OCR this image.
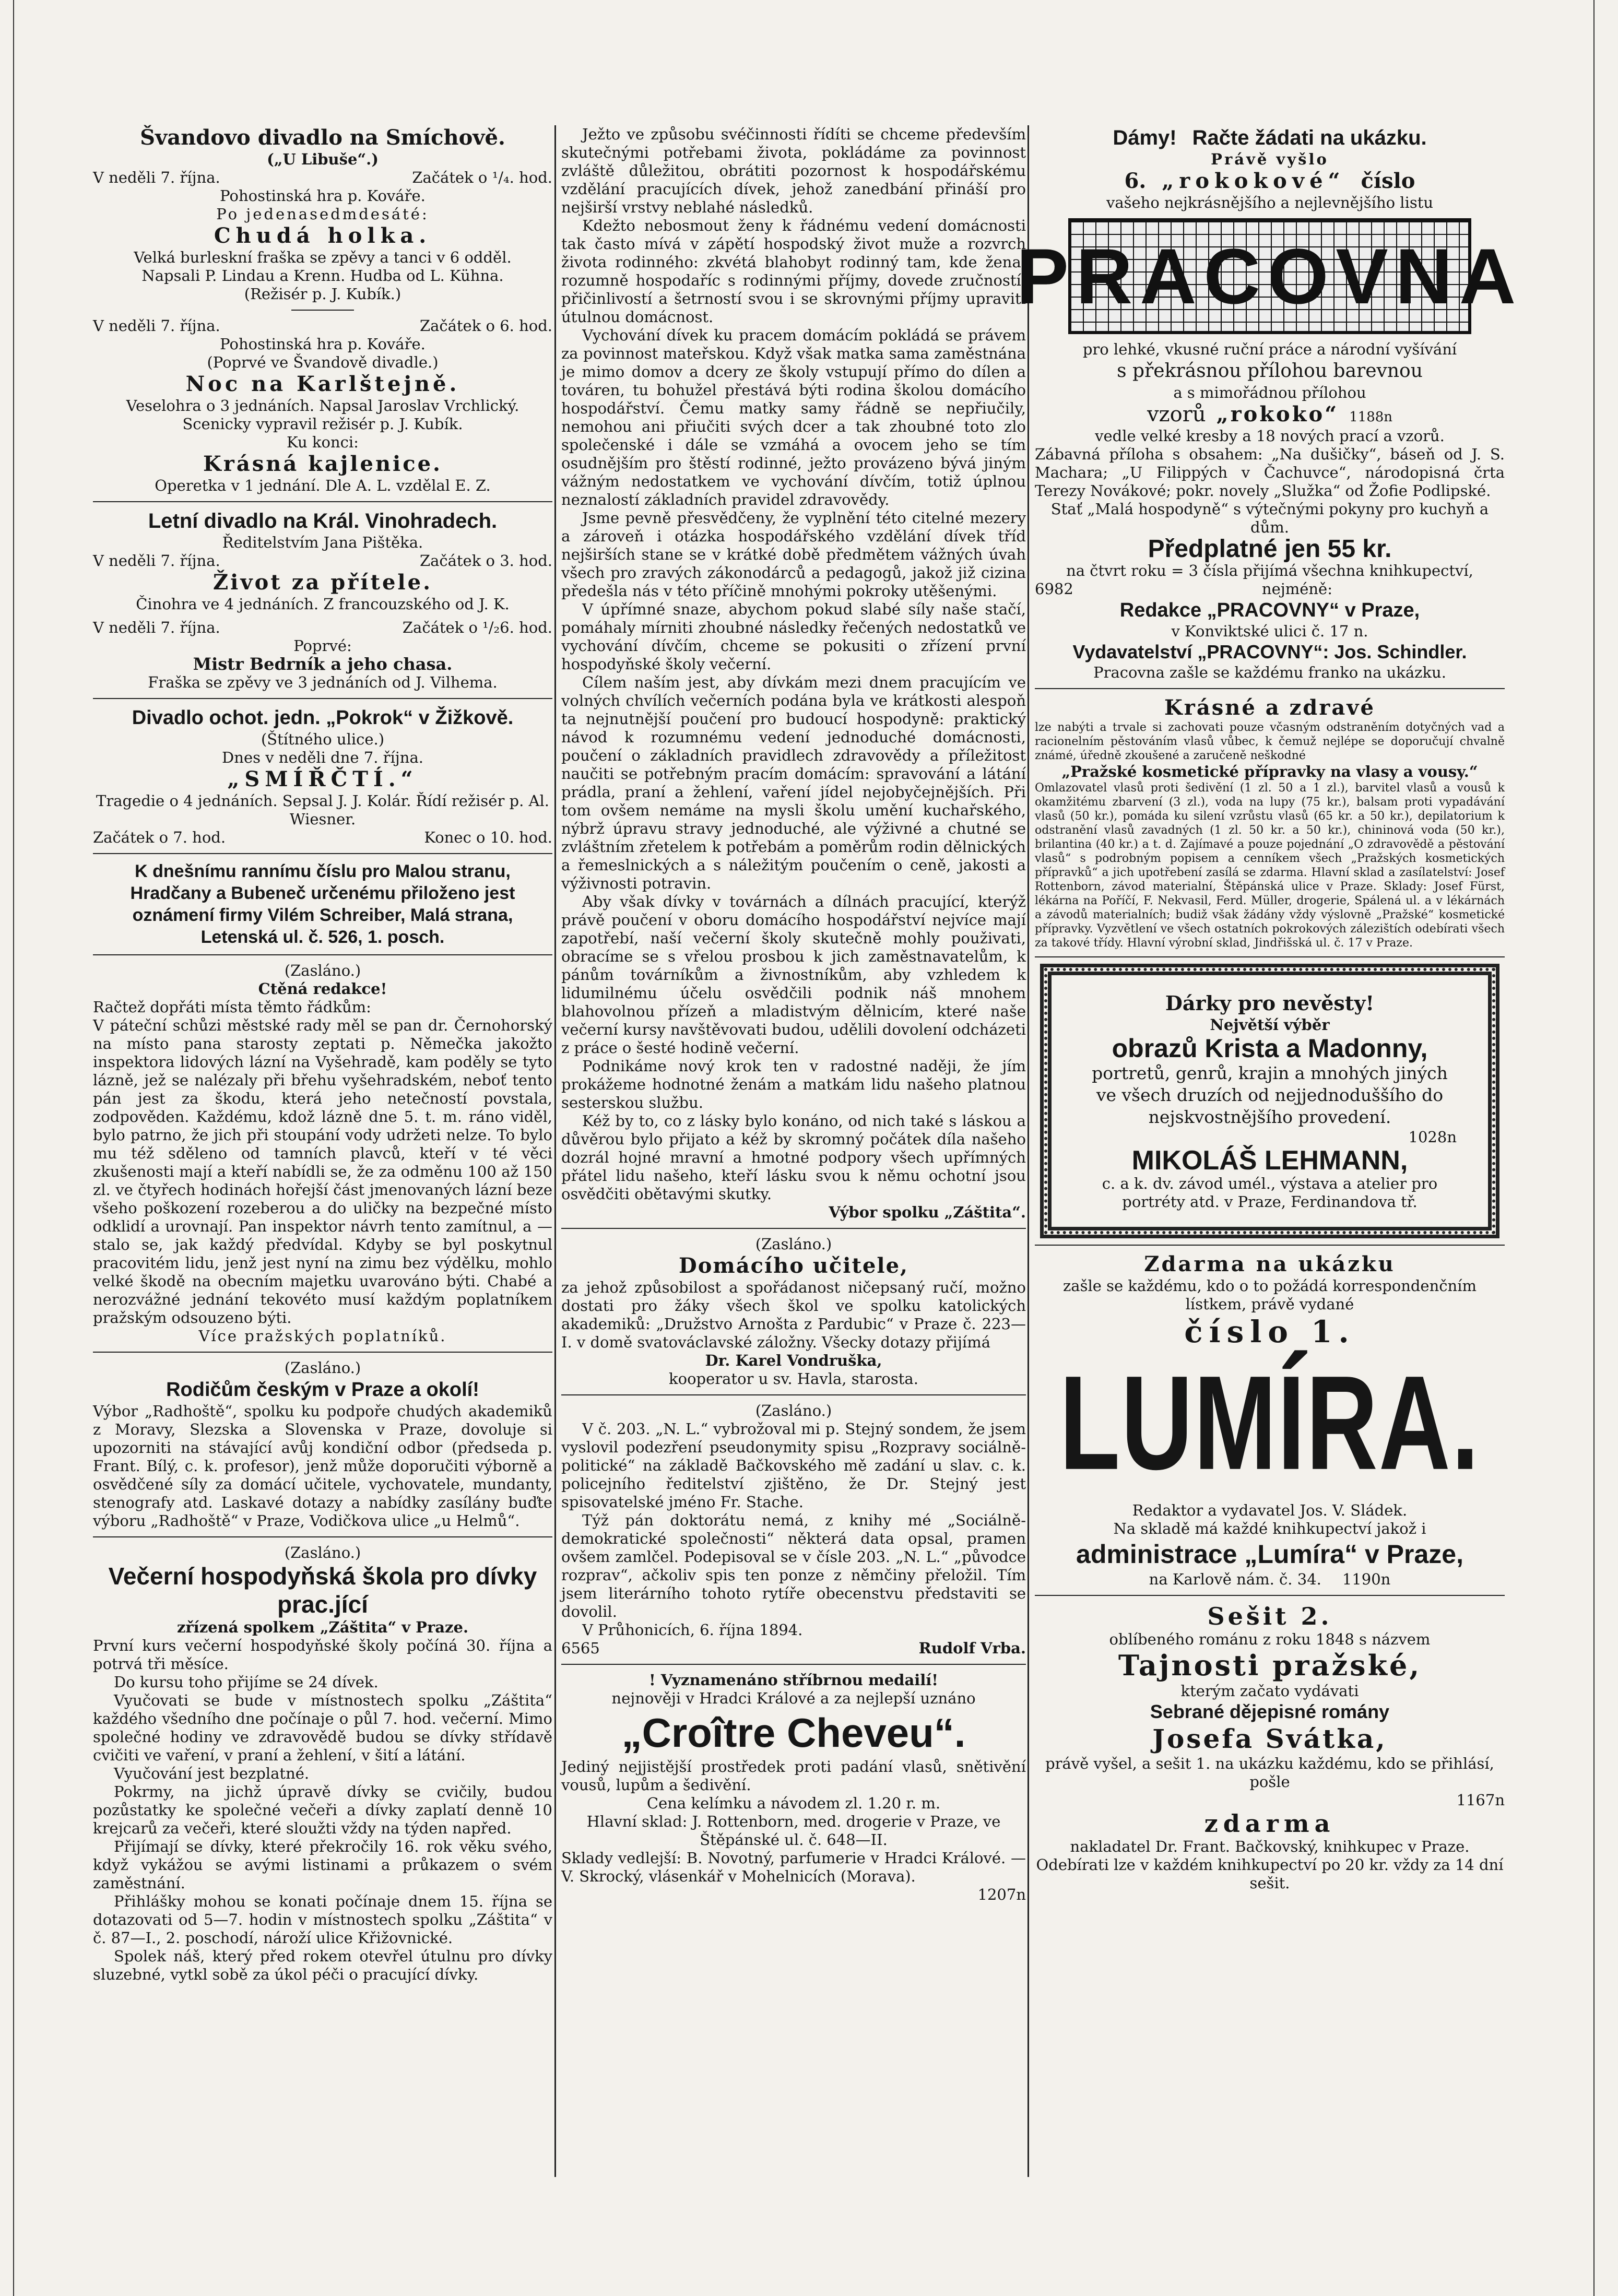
Švandovo divadlo na Smíchově.

(„U Libuše“.)

V neděli 7. října.	Začátek o ¹/₄. hod.

Pohostinská hra p. Kováře.

Po jedenasedmdesáté:

Chudá holka.

Velká burleskní fraška se zpěvy a tanci v 6 odděl.

Napsali P. Lindau a Krenn. Hudba od L. Kühna.

(Režisér p. J. Kubík.)

V neděli 7. října.	Začátek o 6. hod.

Pohostinská hra p. Kováře.

(Poprvé ve Švandově divadle.)

Noc na Karlštejně.

Veselohra o 3 jednáních. Napsal Jaroslav Vrchlický.

Scenicky vypravil režisér p. J. Kubík.

Ku konci:

Krásná kajlenice.

Operetka v 1 jednání. Dle A. L. vzdělal E. Z.

Letní divadlo na Král. Vinohradech.

Ředitelstvím Jana Pištěka.

V neděli 7. října.	Začátek o 3. hod.

Život za přítele.

Činohra ve 4 jednáních. Z francouzského od J. K.

V neděli 7. října.	Začátek o ¹/₂6. hod.

Poprvé:

Mistr Bedrník a jeho chasa.

Fraška se zpěvy ve 3 jednáních od J. Vilhema.

Divadlo ochot. jedn. „Pokrok“ v Žižkově.

(Štítného ulice.)

Dnes v neděli dne 7. října.

„SMÍŘČTÍ.“

Tragedie o 4 jednáních. Sepsal J. J. Kolár. Řídí režisér p. Al. Wiesner.

Začátek o 7. hod.	Konec o 10. hod.

K dnešnímu rannímu číslu pro Malou stranu, Hradčany a Bubeneč určenému přiloženo jest oznámení firmy Vilém Schreiber, Malá strana, Letenská ul. č. 526, 1. posch.

(Zasláno.)

Ctěná redakce!

Račtež dopřáti místa těmto řádkům:

V páteční schůzi městské rady měl se pan dr. Černohorský na místo pana starosty zeptati p. Němečka jakožto inspektora lidových lázní na Vyšehradě, kam poděly se tyto lázně, jež se nalézaly při břehu vyšehradském, neboť tento pán jest za škodu, která jeho netečností povstala, zodpověden. Každému, kdož lázně dne 5. t. m. ráno viděl, bylo patrno, že jich při stoupání vody udržeti nelze. To bylo mu též sděleno od tamních plavců, kteří v té věci zkušenosti mají a kteří nabídli se, že za odměnu 100 až 150 zl. ve čtyřech hodinách hořejší část jmenovaných lázní beze všeho poškození rozeberou a do uličky na bezpečné místo odklidí a urovnají. Pan inspektor návrh tento zamítnul, a — stalo se, jak každý předvídal. Kdyby se byl poskytnul pracovitém lidu, jenž jest nyní na zimu bez výdělku, mohlo velké škodě na obecním majetku uvarováno býti. Chabé a nerozvážné jednání tekovéto musí každým poplatníkem pražským odsouzeno býti.

Více pražských poplatníků.

(Zasláno.)

Rodičům českým v Praze a okolí!

Výbor „Radhoště“, spolku ku podpoře chudých akademiků z Moravy, Slezska a Slovenska v Praze, dovoluje si upozorniti na stávající avůj kondiční odbor (předseda p. Frant. Bílý, c. k. profesor), jenž může doporučiti výborně a osvědčené síly za domácí učitele, vychovatele, mundanty, stenografy atd. Laskavé dotazy a nabídky zasílány buďte výboru „Radhoště“ v Praze, Vodičkova ulice „u Helmů“.

(Zasláno.)

Večerní hospodyňská škola pro dívky prac.jící

zřízená spolkem „Záštita“ v Praze.

První kurs večerní hospodyňské školy počíná 30. října a potrvá tři měsíce.

Do kursu toho přijíme se 24 dívek.

Vyučovati se bude v místnostech spolku „Záštita“ každého všedního dne počínaje o půl 7. hod. večerní. Mimo společné hodiny ve zdravovědě budou se dívky střídavě cvičiti ve vaření, v praní a žehlení, v šití a látání.

Vyučování jest bezplatné.

Pokrmy, na jichž úpravě dívky se cvičily, budou pozůstatky ke společné večeři a dívky zaplatí denně 10 krejcarů za večeři, které sloužti vždy na týden napřed.

Přijímají se dívky, které překročily 16. rok věku svého, když vykážou se avými listinami a průkazem o svém zaměstnání.

Přihlášky mohou se konati počínaje dnem 15. října se dotazovati od 5—7. hodin v místnostech spolku „Záštita“ v č. 87—I., 2. poschodí, nároží ulice Křižovnické.

Spolek náš, který před rokem otevřel útulnu pro dívky sluzebné, vytkl sobě za úkol péči o pracující dívky.

Ježto ve způsobu svéčinnosti řídíti se chceme především skutečnými potřebami života, pokládáme za povinnost zvláště důležitou, obrátiti pozornost k hospodářskému vzdělání pracujících dívek, jehož zanedbání přináší pro nejširší vrstvy neblahé následků.

Kdežto nebosmout ženy k řádnému vedení domácnosti tak často mívá v zápětí hospodský život muže a rozvrch života rodinného: zkvétá blahobyt rodinný tam, kde žena, rozumně hospodaříc s rodinnými příjmy, dovede zručností, přičinlivostí a šetrností svou i se skrovnými příjmy upraviti útulnou domácnost.

Vychování dívek ku pracem domácím pokládá se právem za povinnost mateřskou. Když však matka sama zaměstnána je mimo domov a dcery ze školy vstupují přímo do dílen a továren, tu bohužel přestává býti rodina školou domácího hospodářství. Čemu matky samy řádně se nepřiučily, nemohou ani přiučiti svých dcer a tak zhoubné toto zlo společenské i dále se vzmáhá a ovocem jeho se tím osudnějším pro štěstí rodinné, ježto provázeno bývá jiným vážným nedostatkem ve vychování dívčím, totiž úplnou neznalostí základních pravidel zdravovědy.

Jsme pevně přesvědčeny, že vyplnění této citelné mezery a zároveň i otázka hospodářského vzdělání dívek tříd nejširších stane se v krátké době předmětem vážných úvah všech pro zravých zákonodárců a pedagogů, jakož již cizina předešla nás v této příčině mnohými pokroky utěšenými.

V úpřímné snaze, abychom pokud slabé síly naše stačí, pomáhaly mírniti zhoubné následky řečených nedostatků ve vychování dívčím, chceme se pokusiti o zřízení první hospodyňské školy večerní.

Cílem naším jest, aby dívkám mezi dnem pracujícím ve volných chvílích večerních podána byla ve krátkosti alespoň ta nejnutnější poučení pro budoucí hospodyně: praktický návod k rozumnému vedení jednoduché domácnosti, poučení o základních pravidlech zdravovědy a příležitost naučiti se potřebným pracím domácím: spravování a látání prádla, praní a žehlení, vaření jídel nejobyčejnějších. Při tom ovšem nemáme na mysli školu umění kuchařského, nýbrž úpravu stravy jednoduché, ale výživné a chutné se zvláštním zřetelem k potřebám a poměrům rodin dělnických a řemeslnických a s náležitým poučením o ceně, jakosti a výživnosti potravin.

Aby však dívky v továrnách a dílnách pracující, kterýž právě poučení v oboru domácího hospodářství nejvíce mají zapotřebí, naší večerní školy skutečně mohly použivati, obracíme se s vřelou prosbou k jich zaměstnavatelům, k pánům továrníkům a živnostníkům, aby vzhledem k lidumilnému účelu osvědčili podnik náš mnohem blahovolnou přízeň a mladistvým dělnicím, které naše večerní kursy navštěvovati budou, udělili dovolení odcházeti z práce o šesté hodině večerní.

Podnikáme nový krok ten v radostné naději, že jím prokážeme hodnotné ženám a matkám lidu našeho platnou sesterskou službu.

Kéž by to, co z lásky bylo konáno, od nich také s láskou a důvěrou bylo přijato a kéž by skromný počátek díla našeho dozrál hojné mravní a hmotné podpory všech upřímných přátel lidu našeho, kteří lásku svou k němu ochotní jsou osvědčiti obětavými skutky.

Výbor spolku „Záštita“.

(Zasláno.)

Domácího učitele,

za jehož způsobilost a spořádanost ničepsaný ručí, možno dostati pro žáky všech škol ve spolku katolických akademiků: „Družstvo Arnošta z Pardubic“ v Praze č. 223—I. v domě svatováclavské záložny. Všecky dotazy přijímá

Dr. Karel Vondruška,

kooperator u sv. Havla, starosta.

(Zasláno.)

V č. 203. „N. L.“ vybrožoval mi p. Stejný sondem, že jsem vyslovil podezření pseudonymity spisu „Rozpravy sociálně-politické“ na základě Bačkovského mě zadání u slav. c. k. policejního ředitelství zjištěno, že Dr. Stejný jest spisovatelské jméno Fr. Stache.

Týž pán doktorátu nemá, z knihy mé „Sociálně-demokratické společnosti“ některá data opsal, pramen ovšem zamlčel. Podepisoval se v čísle 203. „N. L.“ „původce rozprav“, ačkoliv spis ten ponze z němčiny přeložil. Tím jsem literárního tohoto rytíře obecenstvu představiti se dovolil.

V Průhonicích, 6. října 1894.

6565	Rudolf Vrba.

! Vyznamenáno stříbrnou medailí!

nejnověji v Hradci Králové a za nejlepší uznáno

„Croître Cheveu“.

Jediný nejjistější prostředek proti padání vlasů, snětivění vousů, lupům a šedivění.

Cena kelímku a návodem zl. 1.20 r. m.

Hlavní sklad: J. Rottenborn, med. drogerie v Praze, ve Štěpánské ul. č. 648—II.

Sklady vedlejší: B. Novotný, parfumerie v Hradci Králové. — V. Skrocký, vlásenkář v Mohelnicích (Morava).

1207n

Dámy! Račte žádati na ukázku.

Právě vyšlo

6. „rokokové“ číslo

vašeho nejkrásnějšího a nejlevnějšího listu

PRACOVNA

pro lehké, vkusné ruční práce a národní vyšívání

s překrásnou přílohou barevnou

a s mimořádnou přílohou

vzorů „rokoko“ 1188n

vedle velké kresby a 18 nových prací a vzorů.

Zábavná příloha s obsahem: „Na dušičky“, báseň od J. S. Machara; „U Filippých v Čachuvce“, národopisná črta Terezy Novákové; pokr. novely „Služka“ od Žofie Podlipské.

Stať „Malá hospodyně“ s výtečnými pokyny pro kuchyň a dům.

Předplatné jen 55 kr.

na čtvrt roku = 3 čísla přijímá všechna knihkupectví,

6982	nejméně:

Redakce „PRACOVNY“ v Praze,

v Konviktské ulici č. 17 n.

Vydavatelství „PRACOVNY“: Jos. Schindler.

Pracovna zašle se každému franko na ukázku.

Krásné a zdravé

lze nabýti a trvale si zachovati pouze včasným odstraněním dotyčných vad a racionelním pěstováním vlasů vůbec, k čemuž nejlépe se doporučují chvalně známé, úředně zkoušené a zaručeně neškodné

„Pražské kosmetické přípravky na vlasy a vousy.“

Omlazovatel vlasů proti šedivění (1 zl. 50 a 1 zl.), barvitel vlasů a vousů k okamžitému zbarvení (3 zl.), voda na lupy (75 kr.), balsam proti vypadávání vlasů (50 kr.), pomáda ku silení vzrůstu vlasů (65 kr. a 50 kr.), depilatorium k odstranění vlasů zavadných (1 zl. 50 kr. a 50 kr.), chininová voda (50 kr.), brilantina (40 kr.) a t. d. Zajímavé a pouze pojednání „O zdravovědě a pěstování vlasů“ s podrobným popisem a cenníkem všech „Pražských kosmetických přípravků“ a jich upotřebení zasílá se zdarma. Hlavní sklad a zasílatelství: Josef Rottenborn, závod materialní, Štěpánská ulice v Praze. Sklady: Josef Fürst, lékárna na Poříčí, F. Nekvasil, Ferd. Müller, drogerie, Spálená ul. a v lékárnách a závodů materialních; budiž však žádány vždy výslovně „Pražské“ kosmetické přípravky. Vyzvětlení ve všech ostatních pokrokových zálezištích odebírati všech za takové třídy. Hlavní výrobní sklad, Jindřišská ul. č. 17 v Praze.

Dárky pro nevěsty!

Největší výběr

obrazů Krista a Madonny,

portretů, genrů, krajin a mnohých jiných ve všech druzích od nejjednoduššího do nejskvostnějšího provedení.

1028n

MIKOLÁŠ LEHMANN,

c. a k. dv. závod umél., výstava a atelier pro portréty atd. v Praze, Ferdinandova tř.

Zdarma na ukázku

zašle se každému, kdo o to požádá korrespondenčním lístkem, právě vydané

číslo 1.

LUMÍRA.

Redaktor a vydavatel Jos. V. Sládek.

Na skladě má každé knihkupectví jakož i

administrace „Lumíra“ v Praze,

na Karlově nám. č. 34. 1190n

Sešit 2.

oblíbeného románu z roku 1848 s názvem

Tajnosti pražské,

kterým začato vydávati

Sebrané dějepisné romány

Josefa Svátka,

právě vyšel, a sešit 1. na ukázku každému, kdo se přihlásí, pošle

1167n

zdarma

nakladatel Dr. Frant. Bačkovský, knihkupec v Praze. Odebírati lze v každém knihkupectví po 20 kr. vždy za 14 dní sešit.
